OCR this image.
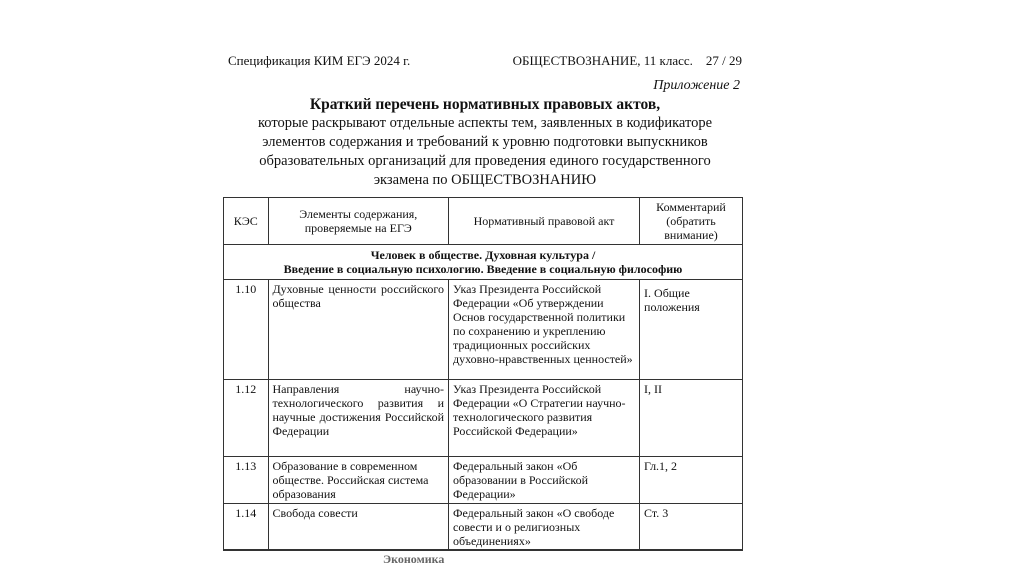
Спецификация КИМ ЕГЭ 2024 г.	ОБЩЕСТВОЗНАНИЕ, 11 класс.    27 / 29
Приложение 2
Краткий перечень нормативных правовых актов,
которые раскрывают отдельные аспекты тем, заявленных в кодификаторе
элементов содержания и требований к уровню подготовки выпускников
образовательных организаций для проведения единого государственного
экзамена по ОБЩЕСТВОЗНАНИЮ
КЭС	Элементы содержания, проверяемые на ЕГЭ	Нормативный правовой акт	Комментарий (обратить внимание)

Человек в обществе. Духовная культура /
Введение в социальную психологию. Введение в социальную философию			

1.10	Духовные ценности российского общества	Указ Президента Российской Федерации «Об утверждении Основ государственной политики по сохранению и укреплению традиционных российских духовно-нравственных ценностей»	I. Общие положения
1.12	Направления научно-технологического развития и научные достижения Российской Федерации	Указ Президента Российской Федерации «О Стратегии научно-технологического развития Российской Федерации»	I, II
1.13	Образование в современном обществе. Российская система образования	Федеральный закон «Об образовании в Российской Федерации»	Гл.1, 2
1.14	Свобода совести	Федеральный закон «О свободе совести и о религиозных объединениях»	Ст. 3
Экономика
